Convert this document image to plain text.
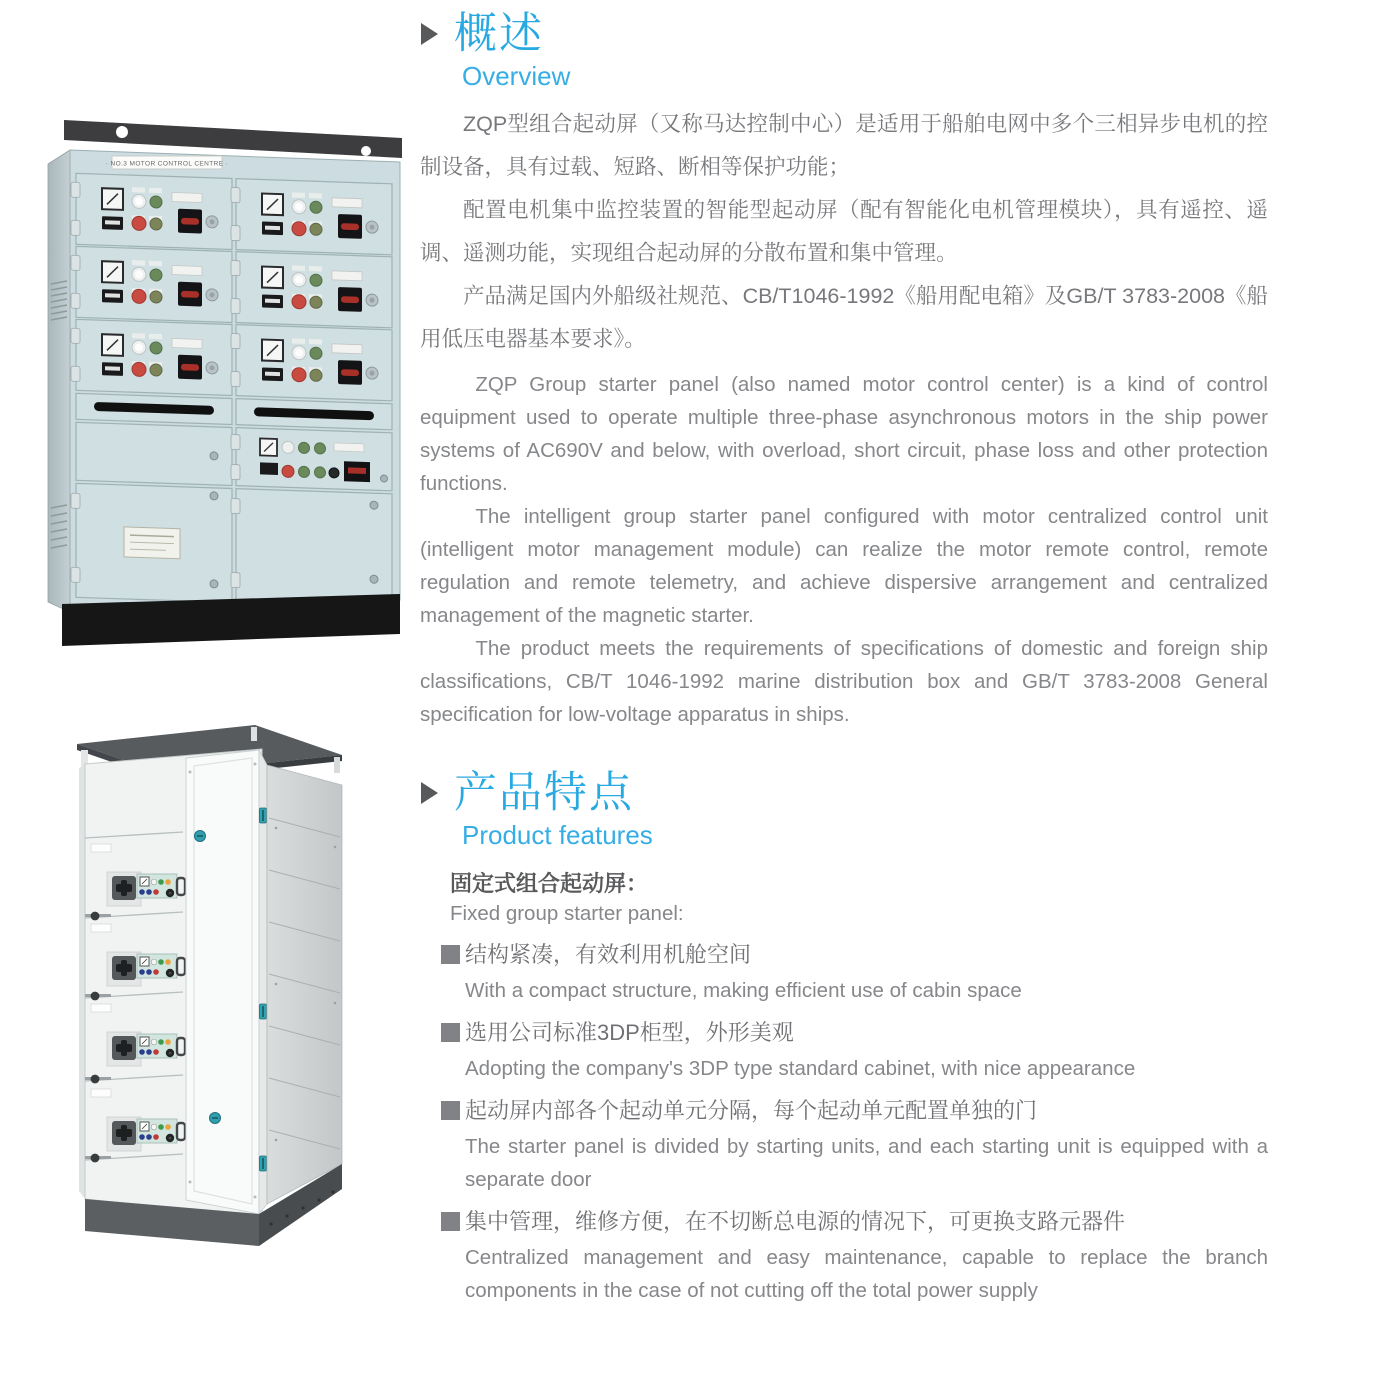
· NO.3 MOTOR CONTROL CENTRE ·
概述
Overview

ZQP型组合起动屏（又称马达控制中心）是适用于船舶电网中多个三相异步电机的控制设备，具有过载、短路、断相等保护功能；

配置电机集中监控装置的智能型起动屏（配有智能化电机管理模块），具有遥控、遥调、遥测功能，实现组合起动屏的分散布置和集中管理。

产品满足国内外船级社规范、CB/T1046-1992《船用配电箱》及GB/T 3783-2008《船用低压电器基本要求》。

ZQP Group starter panel (also named motor control center) is a kind of control equipment used to operate multiple three-phase asynchronous motors in the ship power systems of AC690V and below, with overload, short circuit, phase loss and other protection functions.

The intelligent group starter panel configured with motor centralized control unit (intelligent motor management module) can realize the motor remote control, remote regulation and remote telemetry, and achieve dispersive arrangement and centralized management of the magnetic starter.

The product meets the requirements of specifications of domestic and foreign ship classifications, CB/T 1046-1992 marine distribution box and GB/T 3783-2008 General specification for low-voltage apparatus in ships.

产品特点
Product features
固定式组合起动屏：
Fixed group starter panel:

结构紧凑，有效利用机舱空间

With a compact structure, making efficient use of cabin space

选用公司标准3DP柜型，外形美观

Adopting the company's 3DP type standard cabinet, with nice appearance

起动屏内部各个起动单元分隔，每个起动单元配置单独的门

The starter panel is divided by starting units, and each starting unit is equipped with a separate door

集中管理，维修方便，在不切断总电源的情况下，可更换支路元器件

Centralized management and easy maintenance, capable to replace the branch components in the case of not cutting off the total power supply
